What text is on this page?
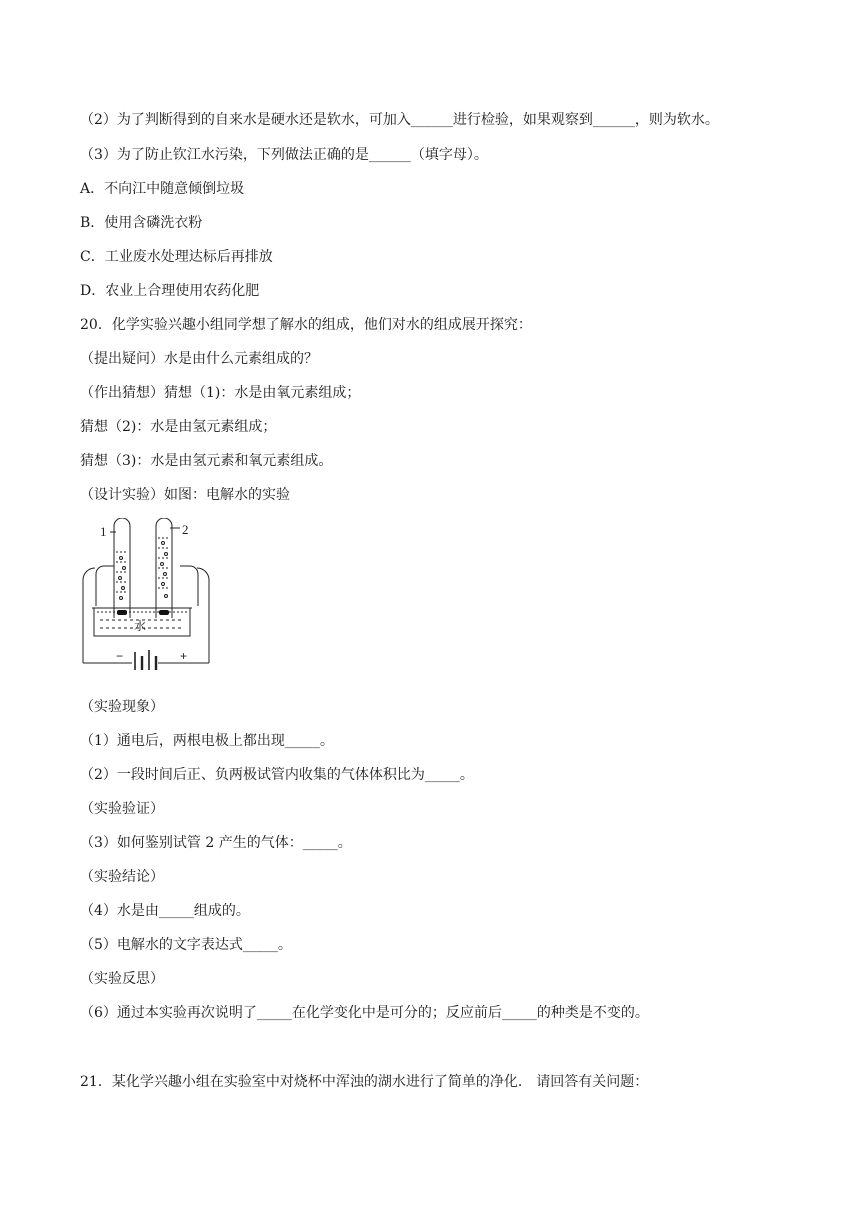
（2）为了判断得到的自来水是硬水还是软水，可加入______进行检验，如果观察到______，则为软水。
（3）为了防止钦江水污染，下列做法正确的是______（填字母）。
A．不向江中随意倾倒垃圾
B．使用含磷洗衣粉
C．工业废水处理达标后再排放
D．农业上合理使用农药化肥
20．化学实验兴趣小组同学想了解水的组成，他们对水的组成展开探究：
（提出疑问）水是由什么元素组成的？
（作出猜想）猜想（1)：水是由氧元素组成；
猜想（2)：水是由氢元素组成；
猜想（3)：水是由氢元素和氧元素组成。
（设计实验）如图：电解水的实验
1	2
水
−	+
（实验现象）
（1）通电后，两根电极上都出现_____。
（2）一段时间后正、负两极试管内收集的气体体积比为_____。
（实验验证）
（3）如何鉴别试管 2 产生的气体：_____。
（实验结论）
（4）水是由_____组成的。
（5）电解水的文字表达式_____。
（实验反思）
（6）通过本实验再次说明了_____在化学变化中是可分的；反应前后_____的种类是不变的。
21．某化学兴趣小组在实验室中对烧杯中浑浊的湖水进行了简单的净化． 请回答有关问题：
